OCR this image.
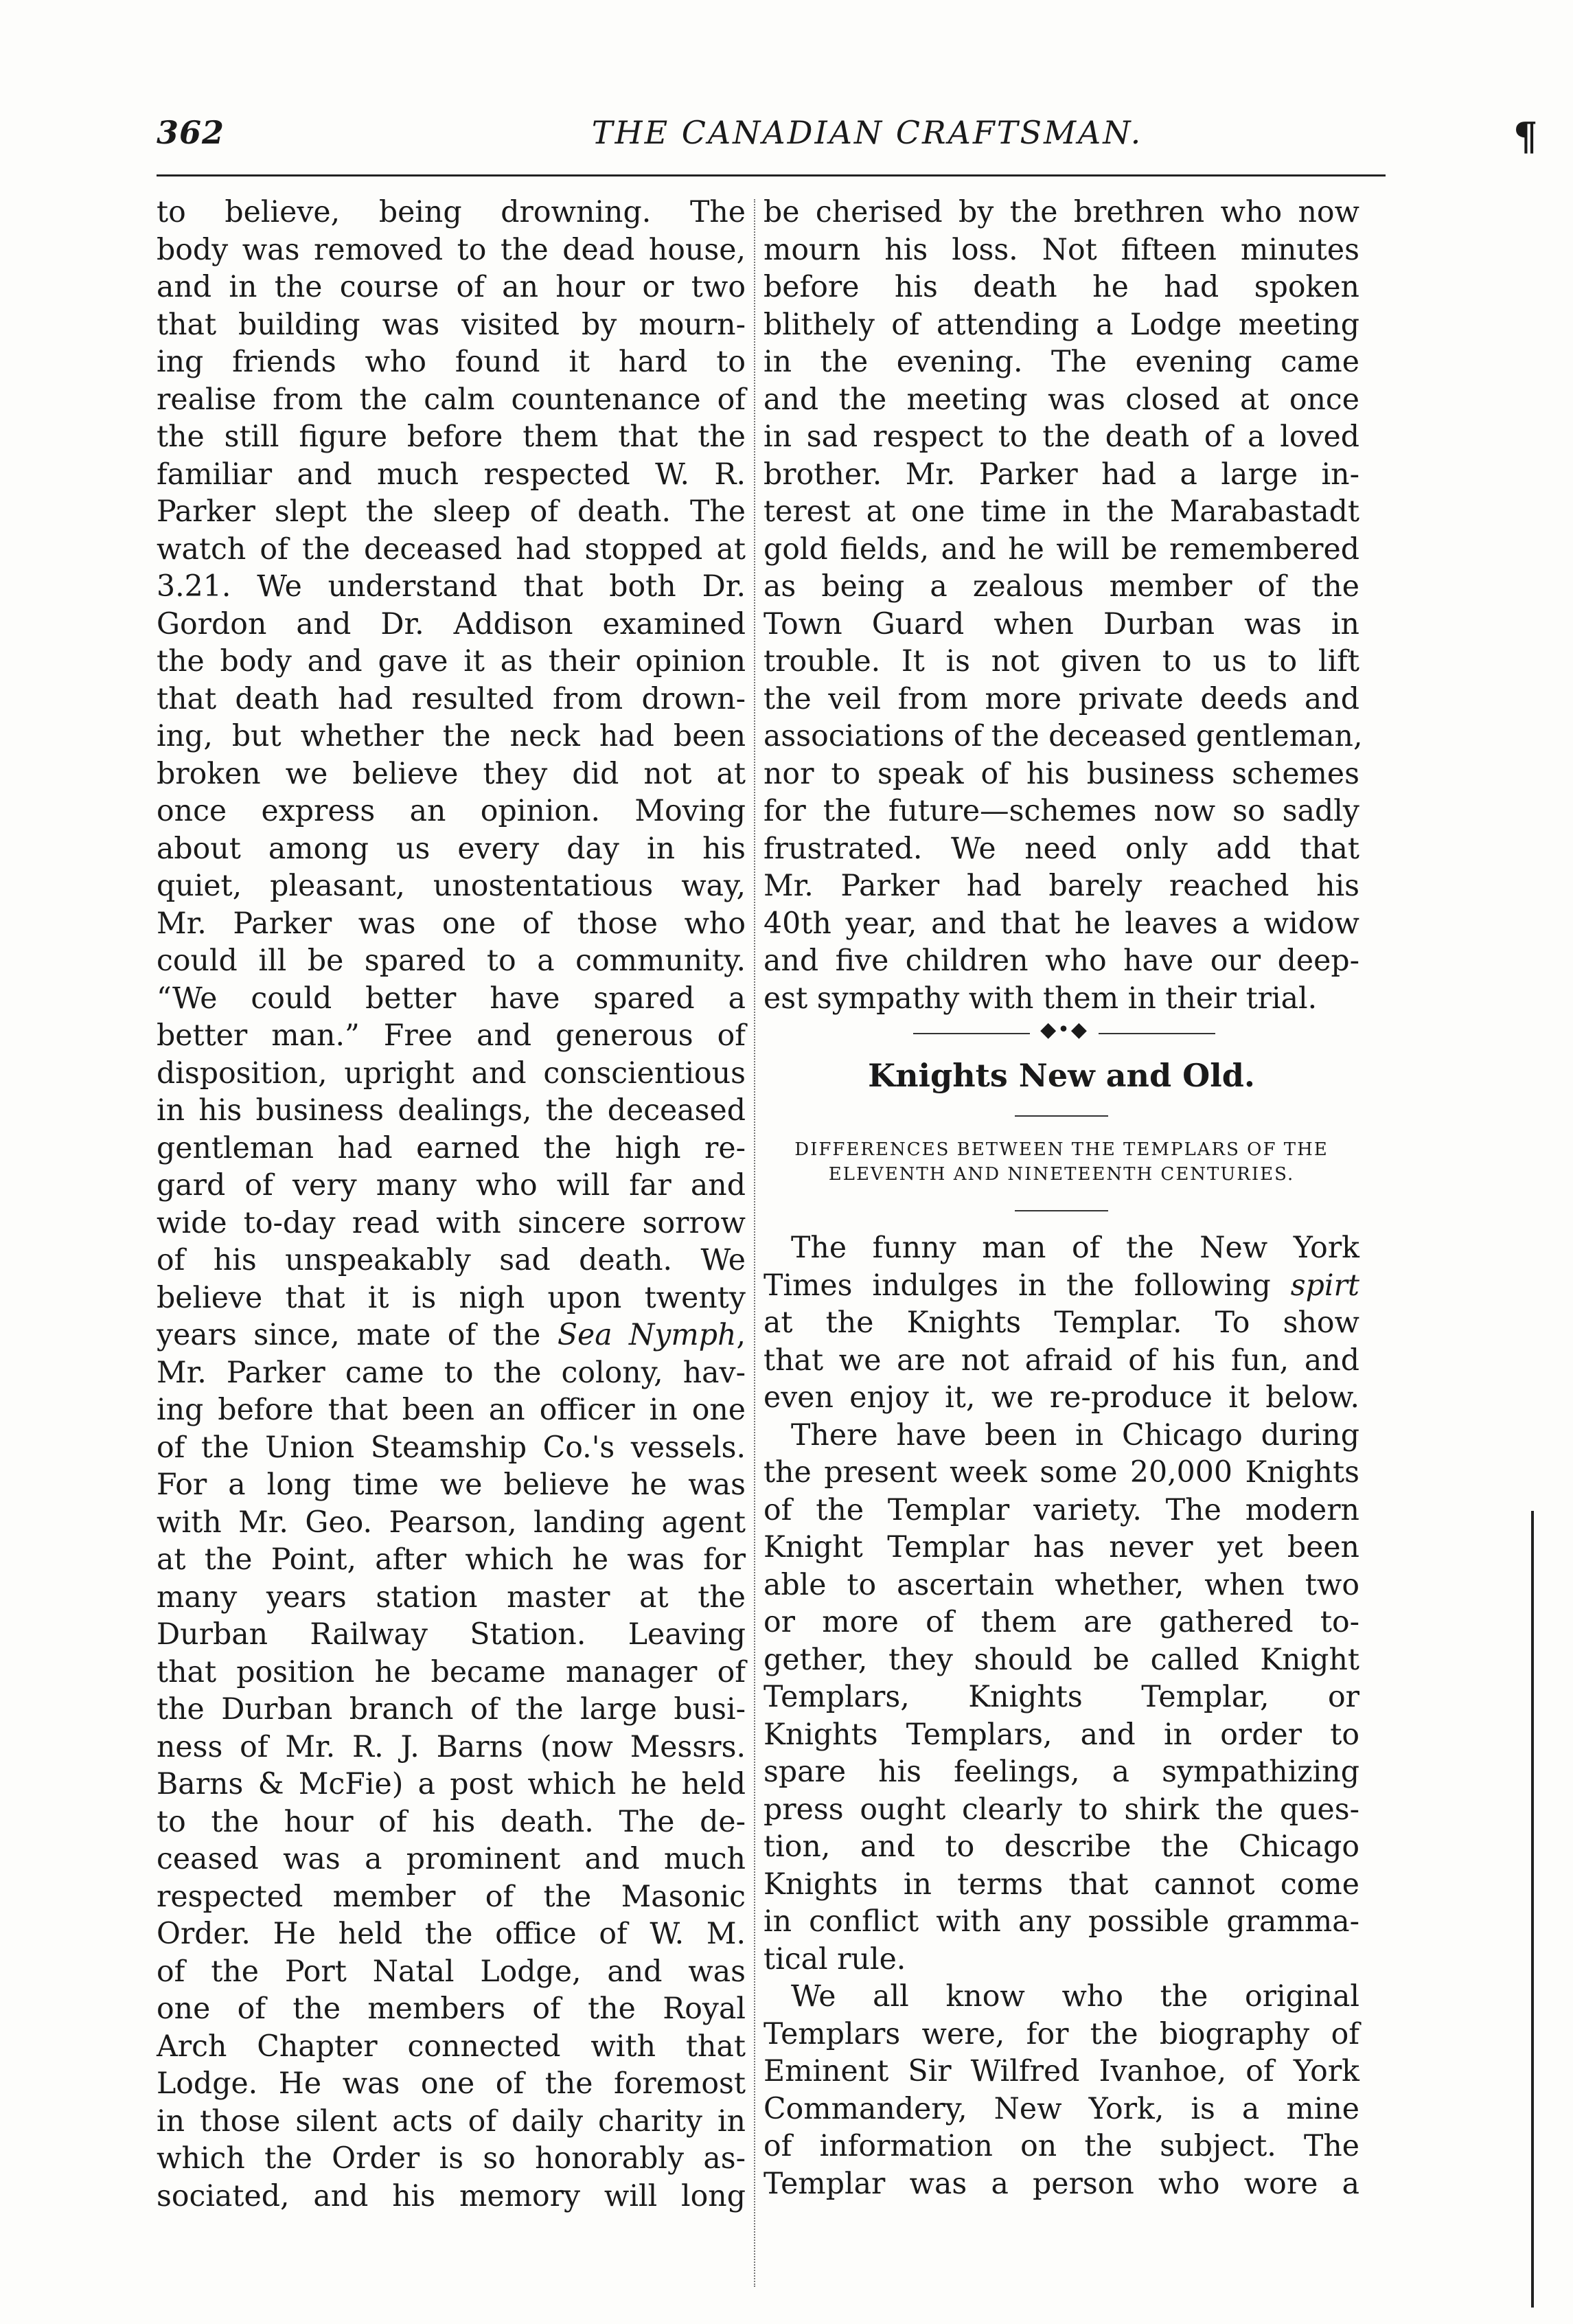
362	THE CANADIAN CRAFTSMAN.	¶
to believe, being drowning. The
body was removed to the dead house,
and in the course of an hour or two
that building was visited by mourn-
ing friends who found it hard to
realise from the calm countenance of
the still figure before them that the
familiar and much respected W. R.
Parker slept the sleep of death. The
watch of the deceased had stopped at
3.21. We understand that both Dr.
Gordon and Dr. Addison examined
the body and gave it as their opinion
that death had resulted from drown-
ing, but whether the neck had been
broken we believe they did not at
once express an opinion. Moving
about among us every day in his
quiet, pleasant, unostentatious way,
Mr. Parker was one of those who
could ill be spared to a community.
“We could better have spared a
better man.” Free and generous of
disposition, upright and conscientious
in his business dealings, the deceased
gentleman had earned the high re-
gard of very many who will far and
wide to-day read with sincere sorrow
of his unspeakably sad death. We
believe that it is nigh upon twenty
years since, mate of the Sea Nymph,
Mr. Parker came to the colony, hav-
ing before that been an officer in one
of the Union Steamship Co.'s vessels.
For a long time we believe he was
with Mr. Geo. Pearson, landing agent
at the Point, after which he was for
many years station master at the
Durban Railway Station. Leaving
that position he became manager of
the Durban branch of the large busi-
ness of Mr. R. J. Barns (now Messrs.
Barns & McFie) a post which he held
to the hour of his death. The de-
ceased was a prominent and much
respected member of the Masonic
Order. He held the office of W. M.
of the Port Natal Lodge, and was
one of the members of the Royal
Arch Chapter connected with that
Lodge. He was one of the foremost
in those silent acts of daily charity in
which the Order is so honorably as-
sociated, and his memory will long
be cherised by the brethren who now
mourn his loss. Not fifteen minutes
before his death he had spoken
blithely of attending a Lodge meeting
in the evening. The evening came
and the meeting was closed at once
in sad respect to the death of a loved
brother. Mr. Parker had a large in-
terest at one time in the Marabastadt
gold fields, and he will be remembered
as being a zealous member of the
Town Guard when Durban was in
trouble. It is not given to us to lift
the veil from more private deeds and
associations of the deceased gentleman,
nor to speak of his business schemes
for the future—schemes now so sadly
frustrated. We need only add that
Mr. Parker had barely reached his
40th year, and that he leaves a widow
and five children who have our deep-
est sympathy with them in their trial.
◆•◆
Knights New and Old.
DIFFERENCES BETWEEN THE TEMPLARS OF THE
ELEVENTH AND NINETEENTH CENTURIES.
The funny man of the New York
Times indulges in the following spirt
at the Knights Templar. To show
that we are not afraid of his fun, and
even enjoy it, we re-produce it below.
There have been in Chicago during
the present week some 20,000 Knights
of the Templar variety. The modern
Knight Templar has never yet been
able to ascertain whether, when two
or more of them are gathered to-
gether, they should be called Knight
Templars, Knights Templar, or
Knights Templars, and in order to
spare his feelings, a sympathizing
press ought clearly to shirk the ques-
tion, and to describe the Chicago
Knights in terms that cannot come
in conflict with any possible gramma-
tical rule.
We all know who the original
Templars were, for the biography of
Eminent Sir Wilfred Ivanhoe, of York
Commandery, New York, is a mine
of information on the subject. The
Templar was a person who wore a
